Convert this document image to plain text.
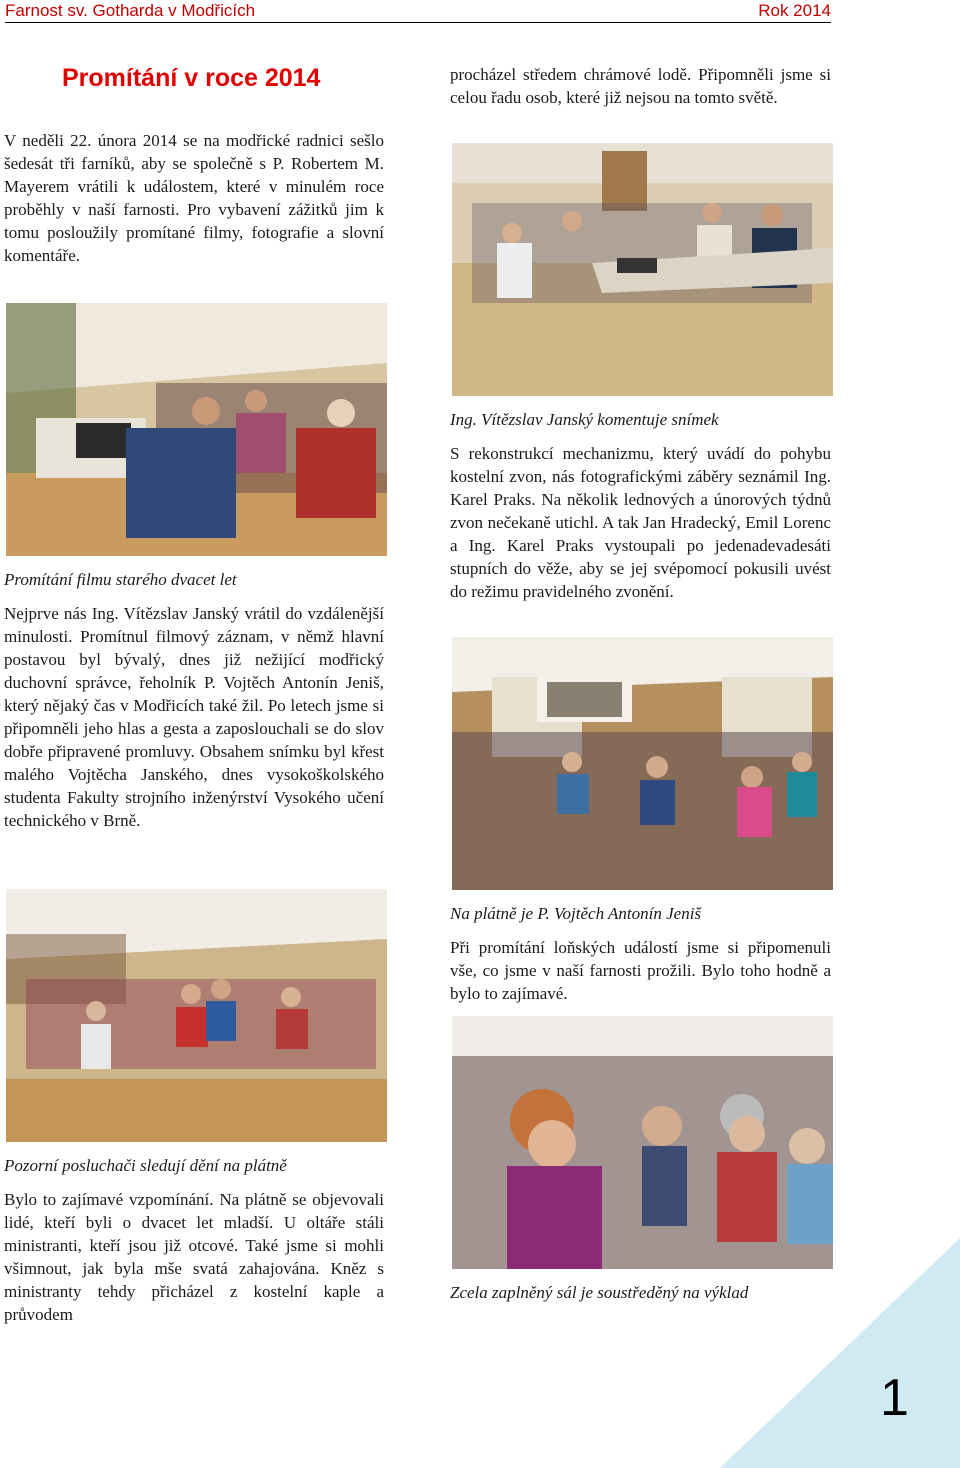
Farnost sv. Gotharda v Modřicích	Rok 2014
Promítání v roce 2014

V neděli 22. února 2014 se na modřické radnici sešlo šedesát tři farníků, aby se společně s P. Robertem M. Mayerem vrátili k událostem, které v minulém roce proběhly v naší farnosti. Pro vybavení zážitků jim k tomu posloužily promítané filmy, fotografie a slovní komentáře.

Promítání filmu starého dvacet let

Nejprve nás Ing. Vítězslav Janský vrátil do vzdálenější minulosti. Promítnul filmový záznam, v němž hlavní postavou byl bývalý, dnes již nežijící modřický duchovní správce, řeholník P. Vojtěch Antonín Jeniš, který nějaký čas v Modřicích také žil. Po letech jsme si připomněli jeho hlas a gesta a zaposlouchali se do slov dobře připravené promluvy. Obsahem snímku byl křest malého Vojtěcha Janského, dnes vysokoškolského studenta Fakulty strojního inženýrství Vysokého učení technického v Brně.

Pozorní posluchači sledují dění na plátně

Bylo to zajímavé vzpomínání. Na plátně se objevovali lidé, kteří byli o dvacet let mladší. U oltáře stáli ministranti, kteří jsou již otcové. Také jsme si mohli všimnout, jak byla mše svatá zahajována. Kněz s ministranty tehdy přicházel z kostelní kaple a průvodem

procházel středem chrámové lodě. Připomněli jsme si celou řadu osob, které již nejsou na tomto světě.

Ing. Vítězslav Janský komentuje snímek

S rekonstrukcí mechanizmu, který uvádí do pohybu kostelní zvon, nás fotografickými záběry seznámil Ing. Karel Praks. Na několik lednových a únorových týdnů zvon nečekaně utichl. A tak Jan Hradecký, Emil Lorenc a Ing. Karel Praks vystoupali po jedenadevadesáti stupních do věže, aby se jej svépomocí pokusili uvést do režimu pravidelného zvonění.

Na plátně je P. Vojtěch Antonín Jeniš

Při promítání loňských událostí jsme si připomenuli vše, co jsme v naší farnosti prožili. Bylo toho hodně a bylo to zajímavé.

Zcela zaplněný sál je soustředěný na výklad

1
